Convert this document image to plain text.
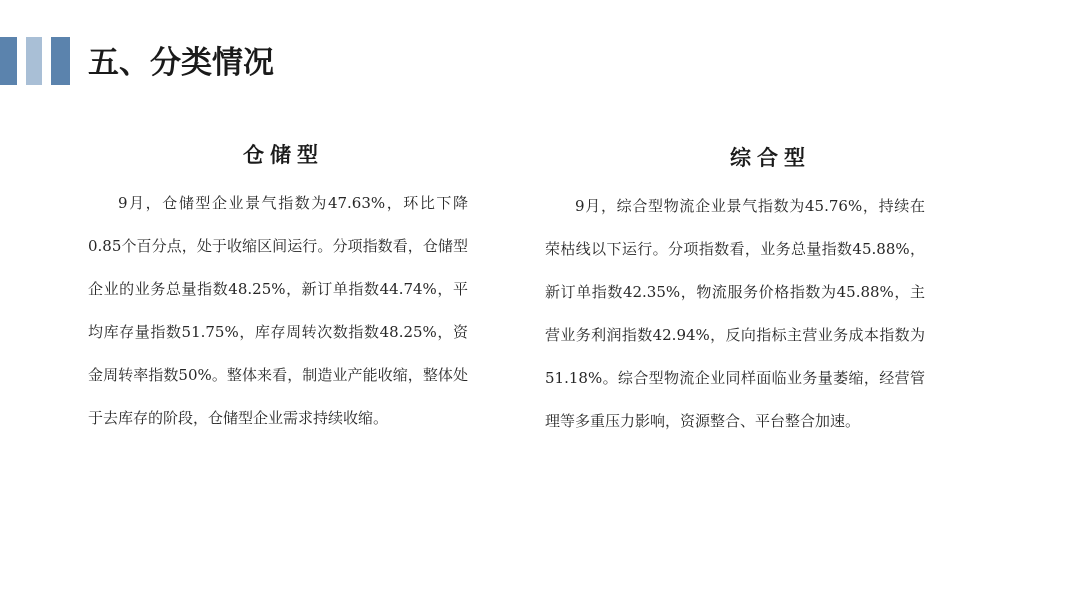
五、分类情况
仓储型

9月，仓储型企业景气指数为47.63%，环比下降0.85个百分点，处于收缩区间运行。分项指数看，仓储型企业的业务总量指数48.25%，新订单指数44.74%，平均库存量指数51.75%，库存周转次数指数48.25%，资金周转率指数50%。整体来看，制造业产能收缩，整体处于去库存的阶段，仓储型企业需求持续收缩。

综合型

9月，综合型物流企业景气指数为45.76%，持续在荣枯线以下运行。分项指数看，业务总量指数45.88%，新订单指数42.35%，物流服务价格指数为45.88%，主营业务利润指数42.94%，反向指标主营业务成本指数为51.18%。综合型物流企业同样面临业务量萎缩，经营管理等多重压力影响，资源整合、平台整合加速。
